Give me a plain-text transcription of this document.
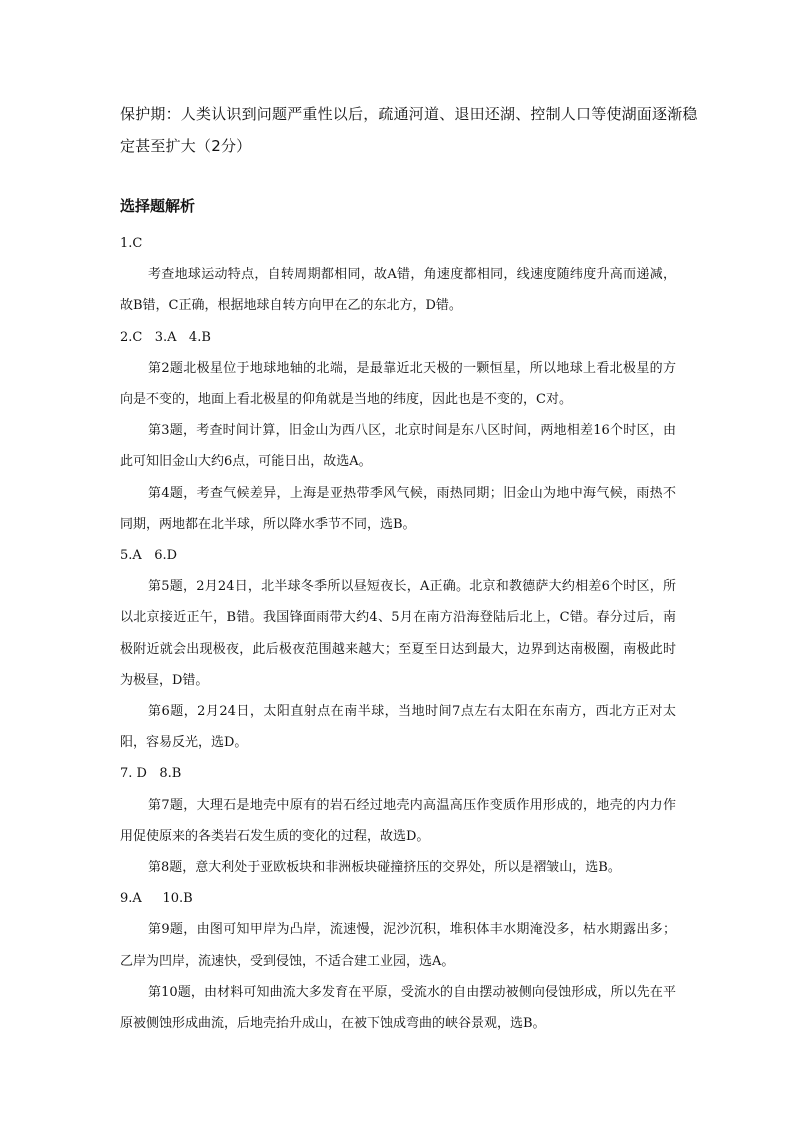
保护期：人类认识到问题严重性以后，疏通河道、退田还湖、控制人口等使湖面逐渐稳定甚至扩大（2分）
选择题解析

1.C

考查地球运动特点，自转周期都相同，故A错，角速度都相同，线速度随纬度升高而递减，故B错，C正确，根据地球自转方向甲在乙的东北方，D错。

2.C   3.A   4.B

第2题北极星位于地球地轴的北端，是最靠近北天极的一颗恒星，所以地球上看北极星的方向是不变的，地面上看北极星的仰角就是当地的纬度，因此也是不变的，C对。

第3题，考查时间计算，旧金山为西八区，北京时间是东八区时间，两地相差16个时区，由此可知旧金山大约6点，可能日出，故选A。

第4题，考查气候差异，上海是亚热带季风气候，雨热同期；旧金山为地中海气候，雨热不同期，两地都在北半球，所以降水季节不同，选B。

5.A   6.D

第5题，2月24日，北半球冬季所以昼短夜长，A正确。北京和教德萨大约相差6个时区，所以北京接近正午，B错。我国锋面雨带大约4、5月在南方沿海登陆后北上，C错。春分过后，南极附近就会出现极夜，此后极夜范围越来越大；至夏至日达到最大，边界到达南极圈，南极此时为极昼，D错。

第6题，2月24日，太阳直射点在南半球，当地时间7点左右太阳在东南方，西北方正对太阳，容易反光，选D。

7. D   8.B

第7题，大理石是地壳中原有的岩石经过地壳内高温高压作变质作用形成的，地壳的内力作用促使原来的各类岩石发生质的变化的过程，故选D。

第8题，意大利处于亚欧板块和非洲板块碰撞挤压的交界处，所以是褶皱山，选B。

9.A     10.B

第9题，由图可知甲岸为凸岸，流速慢，泥沙沉积，堆积体丰水期淹没多，枯水期露出多；乙岸为凹岸，流速快，受到侵蚀，不适合建工业园，选A。

第10题，由材料可知曲流大多发育在平原，受流水的自由摆动被侧向侵蚀形成，所以先在平原被侧蚀形成曲流，后地壳抬升成山，在被下蚀成弯曲的峡谷景观，选B。
